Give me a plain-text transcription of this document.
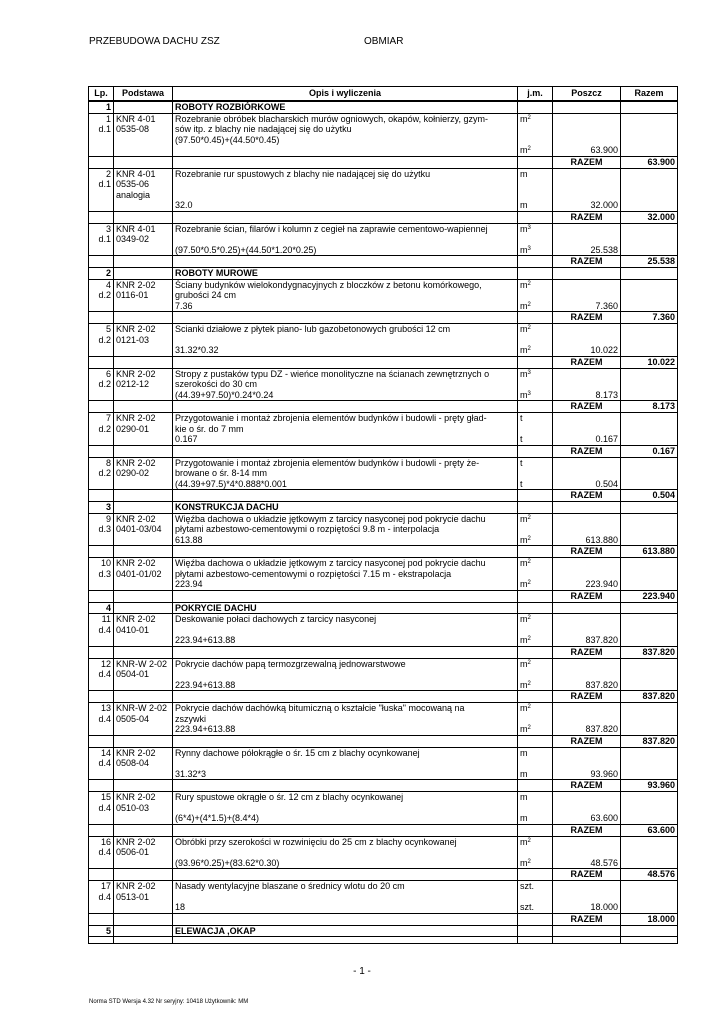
PRZEBUDOWA DACHU ZSZ	OBMIAR
Lp.	Podstawa	Opis i wyliczenia	j.m.	Poszcz	Razem
1		ROBOTY ROZBIÓRKOWE			
1	KNR 4-01	Rozebranie obróbek blacharskich murów ogniowych, okapów, kołnierzy, gzym-	$m^2$		
d.1	0535-08	sów itp. z blachy nie nadającej się do użytku			
		(97.50*0.45)+(44.50*0.45)			
			$m^2$	63.900	
				RAZEM	63.900
2	KNR 4-01	Rozebranie rur spustowych z blachy nie nadającej się do użytku	m		
d.1	0535-06				
	analogia				
		32.0	m	32.000	
				RAZEM	32.000
3	KNR 4-01	Rozebranie ścian, filarów i kolumn z cegieł na zaprawie cementowo-wapiennej	$m^3$		
d.1	0349-02				
		(97.50*0.5*0.25)+(44.50*1.20*0.25)	$m^3$	25.538	
				RAZEM	25.538
2		ROBOTY MUROWE			
4	KNR 2-02	Ściany budynków wielokondygnacyjnych z bloczków z betonu komórkowego,	$m^2$		
d.2	0116-01	grubości 24 cm			
		7.36	$m^2$	7.360	
				RAZEM	7.360
5	KNR 2-02	Scianki działowe z płytek piano- lub gazobetonowych grubości 12 cm	$m^2$		
d.2	0121-03				
		31.32*0.32	$m^2$	10.022	
				RAZEM	10.022
6	KNR 2-02	Stropy z pustaków typu DZ - wieńce monolityczne na ścianach zewnętrznych o	$m^3$		
d.2	0212-12	szerokości do 30 cm			
		(44.39+97.50)*0.24*0.24	$m^3$	8.173	
				RAZEM	8.173
7	KNR 2-02	Przygotowanie i montaż zbrojenia elementów budynków i budowli - pręty gład-	t		
d.2	0290-01	kie o śr. do 7 mm			
		0.167	t	0.167	
				RAZEM	0.167
8	KNR 2-02	Przygotowanie i montaż zbrojenia elementów budynków i budowli - pręty że-	t		
d.2	0290-02	browane o śr. 8-14 mm			
		(44.39+97.5)*4*0.888*0.001	t	0.504	
				RAZEM	0.504
3		KONSTRUKCJA DACHU			
9	KNR 2-02	Więźba dachowa o układzie jętkowym z tarcicy nasyconej pod pokrycie dachu	$m^2$		
d.3	0401-03/04	płytami azbestowo-cementowymi o rozpiętości 9.8 m - interpolacja			
		613.88	$m^2$	613.880	
				RAZEM	613.880
10	KNR 2-02	Więźba dachowa o układzie jętkowym z tarcicy nasyconej pod pokrycie dachu	$m^2$		
d.3	0401-01/02	płytami azbestowo-cementowymi o rozpiętości 7.15 m - ekstrapolacja			
		223.94	$m^2$	223.940	
				RAZEM	223.940
4		POKRYCIE DACHU			
11	KNR 2-02	Deskowanie połaci dachowych z tarcicy nasyconej	$m^2$		
d.4	0410-01				
		223.94+613.88	$m^2$	837.820	
				RAZEM	837.820
12	KNR-W 2-02	Pokrycie dachów papą termozgrzewalną jednowarstwowe	$m^2$		
d.4	0504-01				
		223.94+613.88	$m^2$	837.820	
				RAZEM	837.820
13	KNR-W 2-02	Pokrycie dachów dachówką bitumiczną o kształcie "łuska" mocowaną na	$m^2$		
d.4	0505-04	zszywki			
		223.94+613.88	$m^2$	837.820	
				RAZEM	837.820
14	KNR 2-02	Rynny dachowe półokrągłe o śr. 15 cm z blachy ocynkowanej	m		
d.4	0508-04				
		31.32*3	m	93.960	
				RAZEM	93.960
15	KNR 2-02	Rury spustowe okrągłe o śr. 12 cm z blachy ocynkowanej	m		
d.4	0510-03				
		(6*4)+(4*1.5)+(8.4*4)	m	63.600	
				RAZEM	63.600
16	KNR 2-02	Obróbki przy szerokości w rozwinięciu do 25 cm z blachy ocynkowanej	$m^2$		
d.4	0506-01				
		(93.96*0.25)+(83.62*0.30)	$m^2$	48.576	
				RAZEM	48.576
17	KNR 2-02	Nasady wentylacyjne blaszane o średnicy wlotu do 20 cm	szt.		
d.4	0513-01				
		18	szt.	18.000	
				RAZEM	18.000
5		ELEWACJA ,OKAP			

- 1 -
Norma STD Wersja 4.32 Nr seryjny: 10418 Użytkownik: MM
